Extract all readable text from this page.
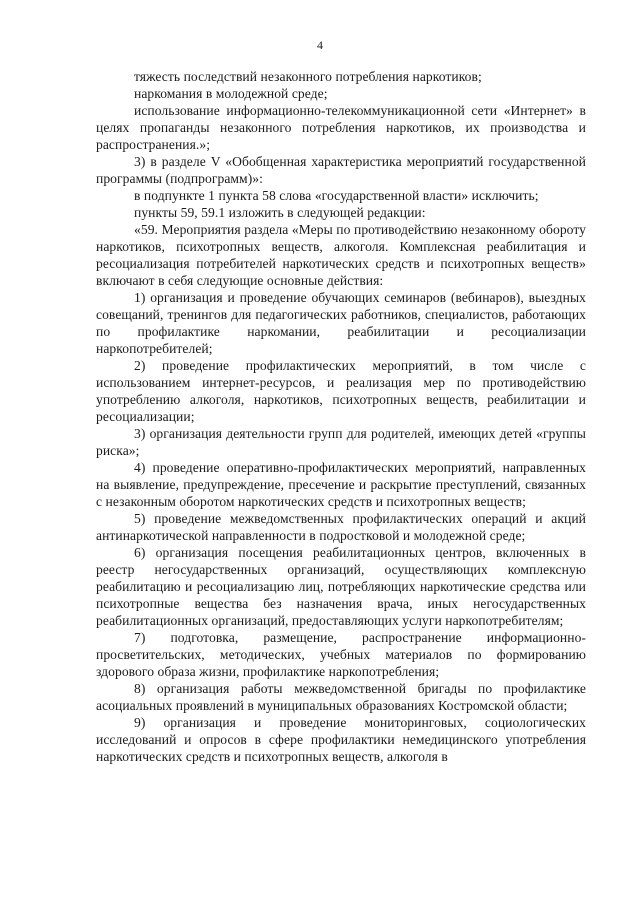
4

тяжесть последствий незаконного потребления наркотиков;

наркомания в молодежной среде;

использование информационно-телекоммуникационной сети «Интернет» в целях пропаганды незаконного потребления наркотиков, их производства и распространения.»;

3) в разделе V «Обобщенная характеристика мероприятий государственной программы (подпрограмм)»:

в подпункте 1 пункта 58 слова «государственной власти» исключить;

пункты 59, 59.1 изложить в следующей редакции:

«59. Мероприятия раздела «Меры по противодействию незаконному обороту наркотиков, психотропных веществ, алкоголя. Комплексная реабилитация и ресоциализация потребителей наркотических средств и психотропных веществ» включают в себя следующие основные действия:

1) организация и проведение обучающих семинаров (вебинаров), выездных совещаний, тренингов для педагогических работников, специалистов, работающих по профилактике наркомании, реабилитации и ресоциализации наркопотребителей;

2) проведение профилактических мероприятий, в том числе с использованием интернет-ресурсов, и реализация мер по противодействию употреблению алкоголя, наркотиков, психотропных веществ, реабилитации и ресоциализации;

3) организация деятельности групп для родителей, имеющих детей «группы риска»;

4) проведение оперативно-профилактических мероприятий, направленных на выявление, предупреждение, пресечение и раскрытие преступлений, связанных с незаконным оборотом наркотических средств и психотропных веществ;

5) проведение межведомственных профилактических операций и акций антинаркотической направленности в подростковой и молодежной среде;

6) организация посещения реабилитационных центров, включенных в реестр негосударственных организаций, осуществляющих комплексную реабилитацию и ресоциализацию лиц, потребляющих наркотические средства или психотропные вещества без назначения врача, иных негосударственных реабилитационных организаций, предоставляющих услуги наркопотребителям;

7) подготовка, размещение, распространение информационно-просветительских, методических, учебных материалов по формированию здорового образа жизни, профилактике наркопотребления;

8) организация работы межведомственной бригады по профилактике асоциальных проявлений в муниципальных образованиях Костромской области;

9) организация и проведение мониторинговых, социологических исследований и опросов в сфере профилактики немедицинского употребления наркотических средств и психотропных веществ, алкоголя в
